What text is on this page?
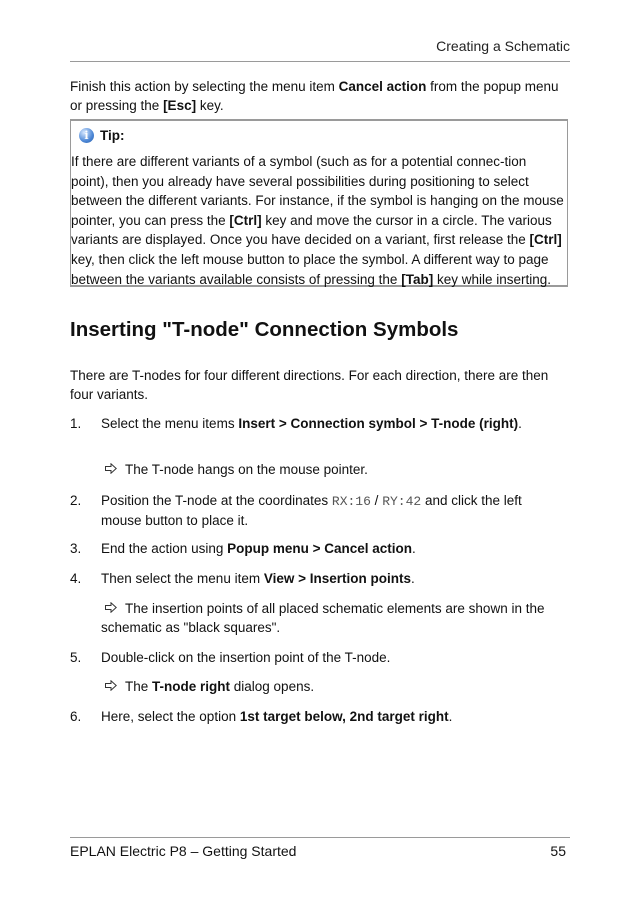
Creating a Schematic
Finish this action by selecting the menu item Cancel action from the popup menu or pressing the [Esc] key.
i Tip:
If there are different variants of a symbol (such as for a potential connec-tion point), then you already have several possibilities during positioning to select between the different variants. For instance, if the symbol is hanging on the mouse pointer, you can press the [Ctrl] key and move the cursor in a circle. The various variants are displayed. Once you have decided on a variant, first release the [Ctrl] key, then click the left mouse button to place the symbol. A different way to page between the variants available consists of pressing the [Tab] key while inserting.
Inserting "T-node" Connection Symbols
There are T-nodes for four different directions. For each direction, there are then four variants.
1. Select the menu items Insert > Connection symbol > T-node (right).
The T-node hangs on the mouse pointer.
2. Position the T-node at the coordinates RX:16 / RY:42 and click the left mouse button to place it.
3. End the action using Popup menu > Cancel action.
4. Then select the menu item View > Insertion points.
The insertion points of all placed schematic elements are shown in the schematic as "black squares".
5. Double-click on the insertion point of the T-node.
The T-node right dialog opens.
6. Here, select the option 1st target below, 2nd target right.
EPLAN Electric P8 – Getting Started	55
